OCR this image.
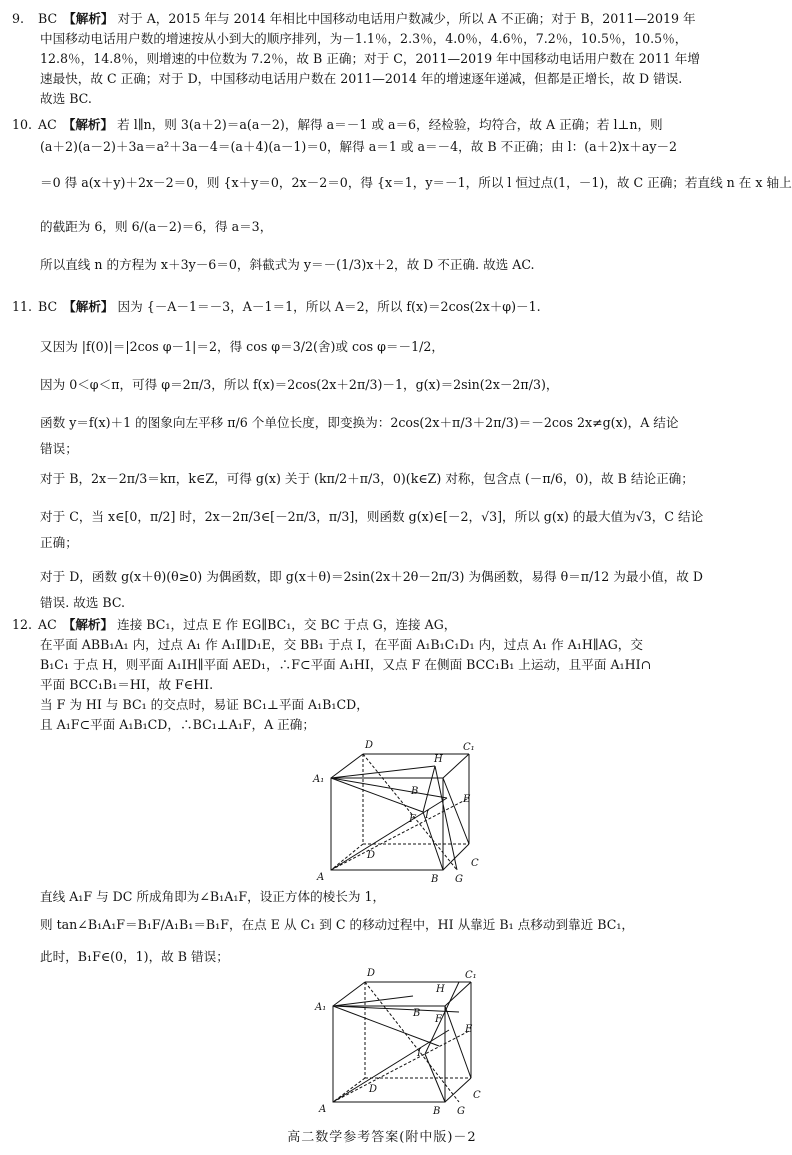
9. BC 【解析】 对于 A，2015 年与 2014 年相比中国移动电话用户数减少，所以 A 不正确；对于 B，2011—2019 年
中国移动电话用户数的增速按从小到大的顺序排列，为－1.1％，2.3％，4.0％，4.6％，7.2％，10.5％，10.5％，
12.8％，14.8％，则增速的中位数为 7.2％，故 B 正确；对于 C，2011—2019 年中国移动电话用户数在 2011 年增
速最快，故 C 正确；对于 D，中国移动电话用户数在 2011—2014 年的增速逐年递减，但都是正增长，故 D 错误.
故选 BC.
10. AC 【解析】 若 l∥n，则 3(a＋2)＝a(a－2)，解得 a＝－1 或 a＝6，经检验，均符合，故 A 正确；若 l⊥n，则
(a＋2)(a－2)＋3a＝a²＋3a－4＝(a＋4)(a－1)＝0，解得 a＝1 或 a＝－4，故 B 不正确；由 l：(a＋2)x＋ay－2
＝0 得 a(x＋y)＋2x－2＝0，则 {x＋y＝0，2x－2＝0，得 {x＝1，y＝－1，所以 l 恒过点(1，－1)，故 C 正确；若直线 n 在 x 轴上
的截距为 6，则 6/(a－2)＝6，得 a＝3，
所以直线 n 的方程为 x＋3y－6＝0，斜截式为 y＝－(1/3)x＋2，故 D 不正确. 故选 AC.
11. BC 【解析】 因为 {－A－1＝－3，A－1＝1，所以 A＝2，所以 f(x)＝2cos(2x＋φ)－1.
又因为 |f(0)|＝|2cos φ－1|＝2，得 cos φ＝3/2(舍)或 cos φ＝－1/2，
因为 0＜φ＜π，可得 φ＝2π/3，所以 f(x)＝2cos(2x＋2π/3)－1，g(x)＝2sin(2x－2π/3)，
函数 y＝f(x)＋1 的图象向左平移 π/6 个单位长度，即变换为：2cos(2x＋π/3＋2π/3)＝－2cos 2x≠g(x)，A 结论
错误；
对于 B，2x－2π/3＝kπ，k∈Z，可得 g(x) 关于 (kπ/2＋π/3，0)(k∈Z) 对称，包含点 (－π/6，0)，故 B 结论正确；
对于 C，当 x∈[0，π/2] 时，2x－2π/3∈[－2π/3，π/3]，则函数 g(x)∈[－2，√3]，所以 g(x) 的最大值为√3，C 结论
正确；
对于 D，函数 g(x＋θ)(θ≥0) 为偶函数，即 g(x＋θ)＝2sin(2x＋2θ－2π/3) 为偶函数，易得 θ＝π/12 为最小值，故 D
错误. 故选 BC.
12. AC 【解析】 连接 BC₁，过点 E 作 EG∥BC₁，交 BC 于点 G，连接 AG，
在平面 ABB₁A₁ 内，过点 A₁ 作 A₁I∥D₁E，交 BB₁ 于点 I，在平面 A₁B₁C₁D₁ 内，过点 A₁ 作 A₁H∥AG，交
B₁C₁ 于点 H，则平面 A₁IH∥平面 AED₁，∴F⊂平面 A₁HI，又点 F 在侧面 BCC₁B₁ 上运动，且平面 A₁HI∩
平面 BCC₁B₁＝HI，故 F∈HI.
当 F 为 HI 与 BC₁ 的交点时，易证 BC₁⊥平面 A₁B₁CD，
且 A₁F⊂平面 A₁B₁CD，∴BC₁⊥A₁F，A 正确；
A₁
D
B
C₁
H
E
F I
A
D
B
C
G
直线 A₁F 与 DC 所成角即为∠B₁A₁F，设正方体的棱长为 1，
则 tan∠B₁A₁F＝B₁F/A₁B₁＝B₁F，在点 E 从 C₁ 到 C 的移动过程中，HI 从靠近 B₁ 点移动到靠近 BC₁，
此时，B₁F∈(0，1)，故 B 错误；
A₁
D
B
C₁
H
E
F
I
A
D
B
C
G
高二数学参考答案(附中版)－2
